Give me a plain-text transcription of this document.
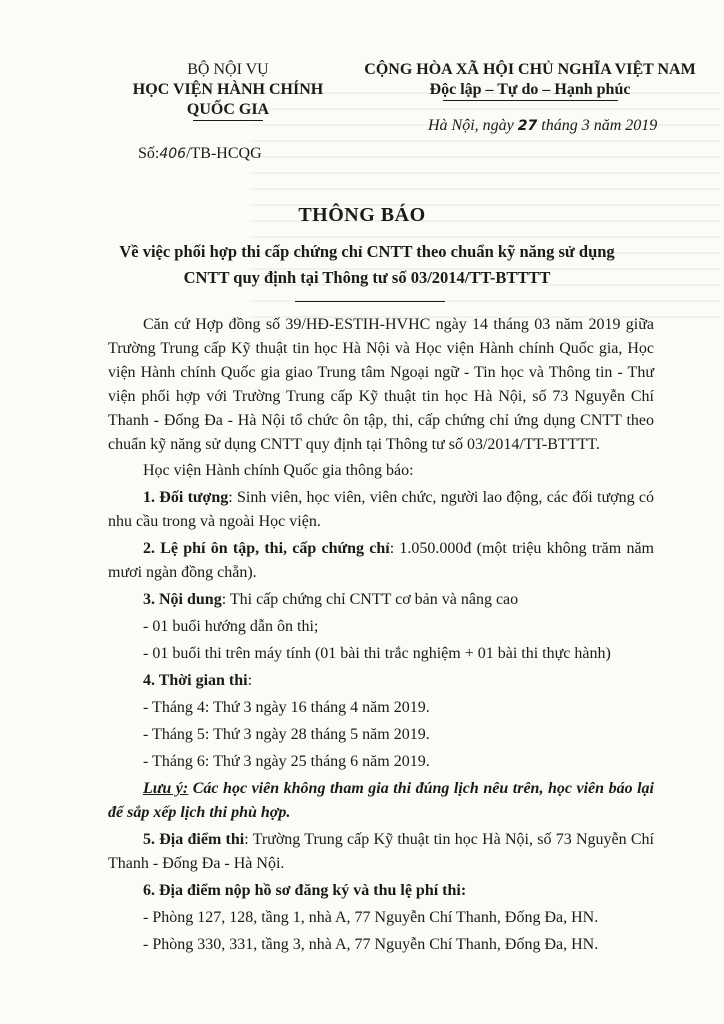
BỘ NỘI VỤ
HỌC VIỆN HÀNH CHÍNH
QUỐC GIA
Số:406/TB-HCQG
CỘNG HÒA XÃ HỘI CHỦ NGHĨA VIỆT NAM
Độc lập – Tự do – Hạnh phúc
Hà Nội, ngày 27 tháng 3 năm 2019
THÔNG BÁO
Về việc phối hợp thi cấp chứng chỉ CNTT theo chuẩn kỹ năng sử dụng
CNTT quy định tại Thông tư số 03/2014/TT-BTTTT

Căn cứ Hợp đồng số 39/HĐ-ESTIH-HVHC ngày 14 tháng 03 năm 2019 giữa Trường Trung cấp Kỹ thuật tin học Hà Nội và Học viện Hành chính Quốc gia, Học viện Hành chính Quốc gia giao Trung tâm Ngoại ngữ - Tin học và Thông tin - Thư viện phối hợp với Trường Trung cấp Kỹ thuật tin học Hà Nội, số 73 Nguyễn Chí Thanh - Đống Đa - Hà Nội tổ chức ôn tập, thi, cấp chứng chỉ ứng dụng CNTT theo chuẩn kỹ năng sử dụng CNTT quy định tại Thông tư số 03/2014/TT-BTTTT.

Học viện Hành chính Quốc gia thông báo:

1. Đối tượng: Sinh viên, học viên, viên chức, người lao động, các đối tượng có nhu cầu trong và ngoài Học viện.

2. Lệ phí ôn tập, thi, cấp chứng chỉ: 1.050.000đ (một triệu không trăm năm mươi ngàn đồng chẵn).

3. Nội dung: Thi cấp chứng chỉ CNTT cơ bản và nâng cao

- 01 buổi hướng dẫn ôn thi;

- 01 buổi thi trên máy tính (01 bài thi trắc nghiệm + 01 bài thi thực hành)

4. Thời gian thi:

- Tháng 4: Thứ 3 ngày 16 tháng 4 năm 2019.

- Tháng 5: Thứ 3 ngày 28 tháng 5 năm 2019.

- Tháng 6: Thứ 3 ngày 25 tháng 6 năm 2019.

Lưu ý: Các học viên không tham gia thi đúng lịch nêu trên, học viên báo lại để sắp xếp lịch thi phù hợp.

5. Địa điểm thi: Trường Trung cấp Kỹ thuật tin học Hà Nội, số 73 Nguyễn Chí Thanh - Đống Đa - Hà Nội.

6. Địa điểm nộp hồ sơ đăng ký và thu lệ phí thi:

- Phòng 127, 128, tầng 1, nhà A, 77 Nguyễn Chí Thanh, Đống Đa, HN.

- Phòng 330, 331, tầng 3, nhà A, 77 Nguyễn Chí Thanh, Đống Đa, HN.
